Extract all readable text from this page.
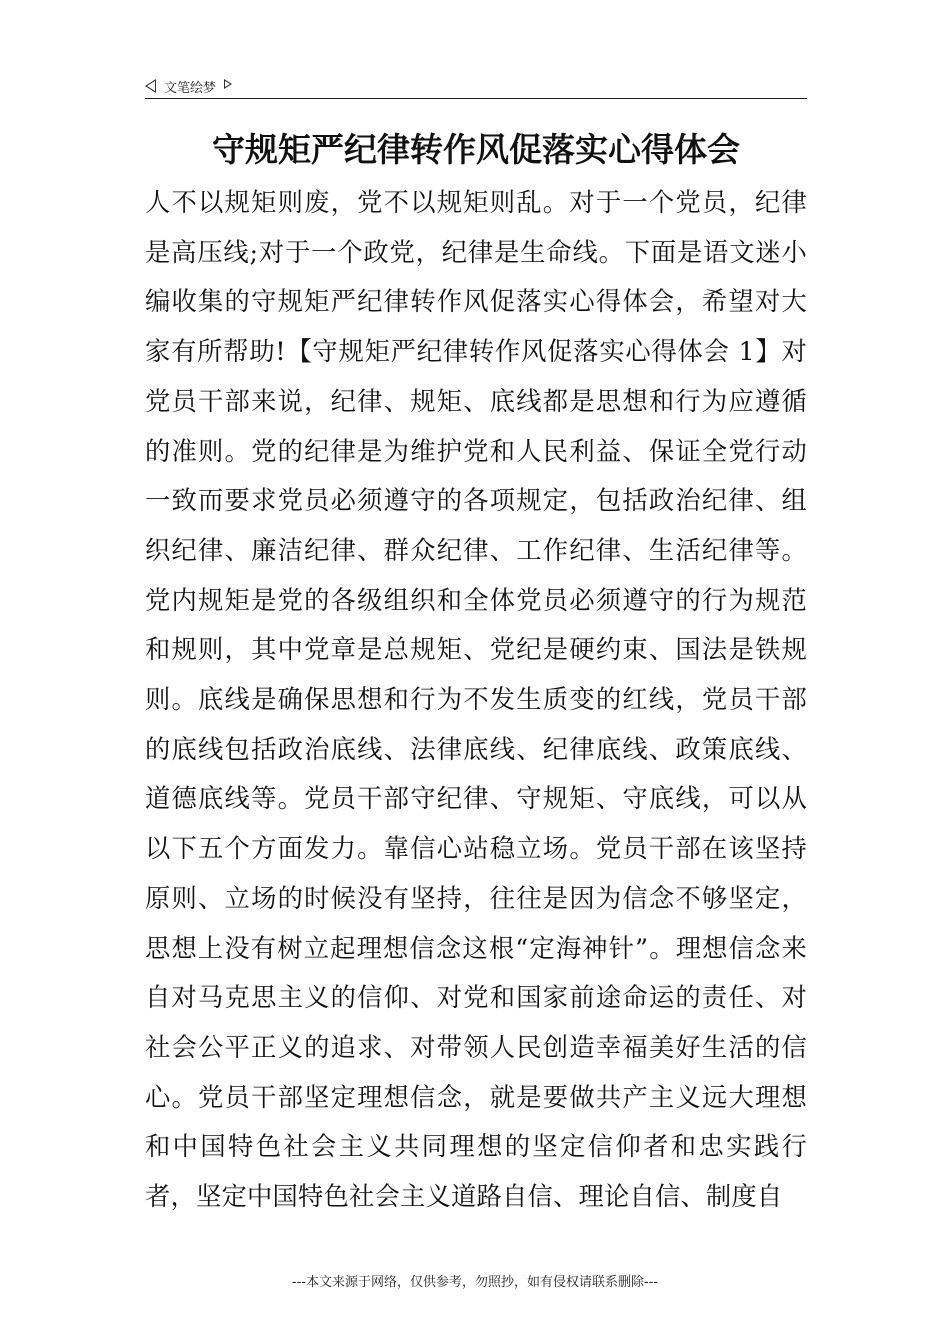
文笔绘梦
守规矩严纪律转作风促落实心得体会

人不以规矩则废，党不以规矩则乱。对于一个党员，纪律是高压线;对于一个政党，纪律是生命线。下面是语文迷小编收集的守规矩严纪律转作风促落实心得体会，希望对大家有所帮助!【守规矩严纪律转作风促落实心得体会 1】对党员干部来说，纪律、规矩、底线都是思想和行为应遵循的准则。党的纪律是为维护党和人民利益、保证全党行动一致而要求党员必须遵守的各项规定，包括政治纪律、组织纪律、廉洁纪律、群众纪律、工作纪律、生活纪律等。党内规矩是党的各级组织和全体党员必须遵守的行为规范和规则，其中党章是总规矩、党纪是硬约束、国法是铁规则。底线是确保思想和行为不发生质变的红线，党员干部的底线包括政治底线、法律底线、纪律底线、政策底线、道德底线等。党员干部守纪律、守规矩、守底线，可以从以下五个方面发力。靠信心站稳立场。党员干部在该坚持原则、立场的时候没有坚持，往往是因为信念不够坚定，思想上没有树立起理想信念这根“定海神针”。理想信念来自对马克思主义的信仰、对党和国家前途命运的责任、对社会公平正义的追求、对带领人民创造幸福美好生活的信心。党员干部坚定理想信念，就是要做共产主义远大理想和中国特色社会主义共同理想的坚定信仰者和忠实践行者，坚定中国特色社会主义道路自信、理论自信、制度自

---本文来源于网络，仅供参考，勿照抄，如有侵权请联系删除---
